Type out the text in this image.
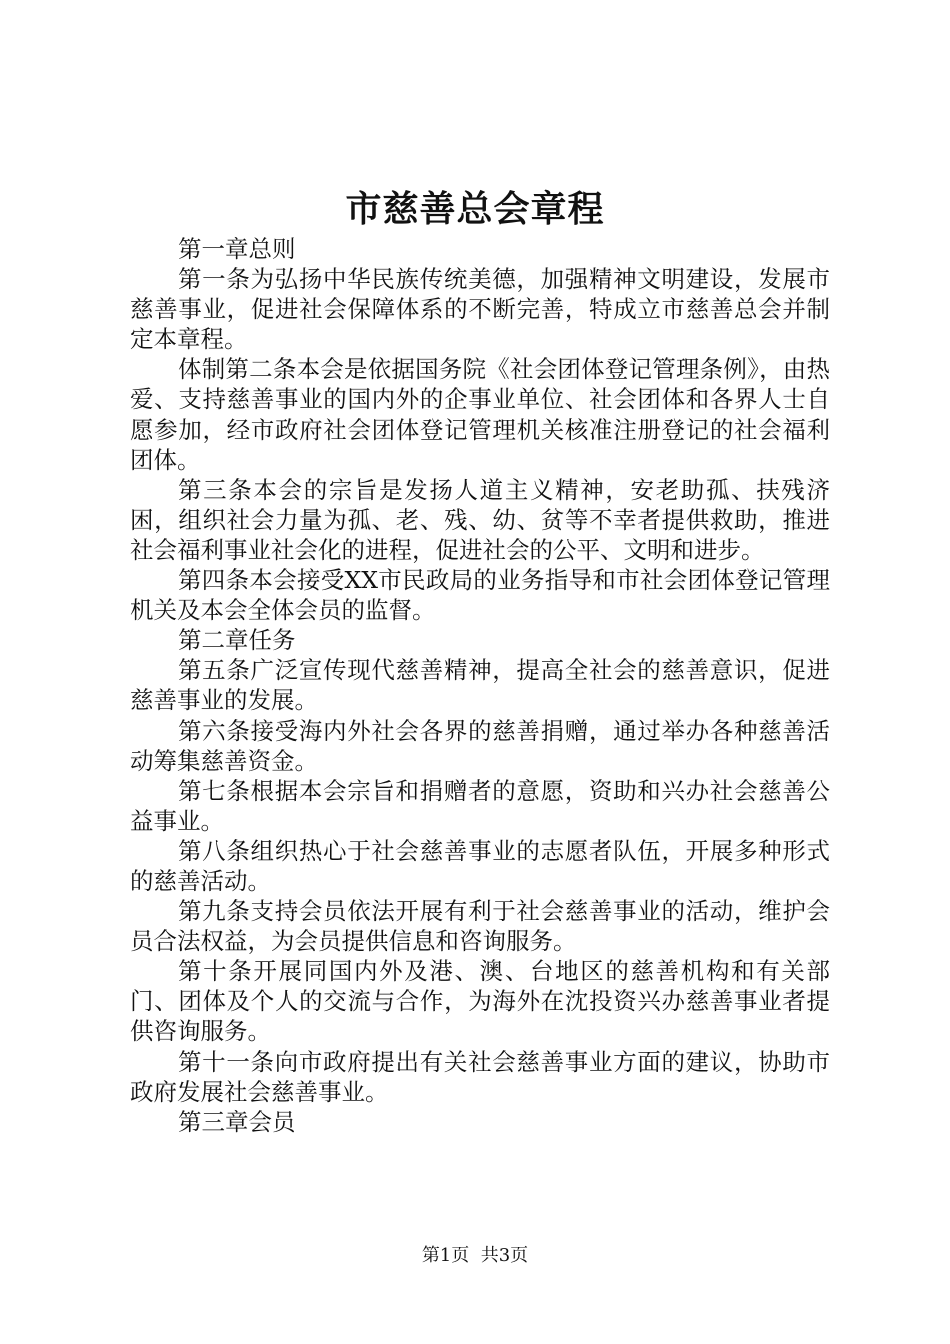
市慈善总会章程

第一章总则

第一条为弘扬中华民族传统美德，加强精神文明建设，发展市慈善事业，促进社会保障体系的不断完善，特成立市慈善总会并制定本章程。

体制第二条本会是依据国务院《社会团体登记管理条例》，由热爱、支持慈善事业的国内外的企事业单位、社会团体和各界人士自愿参加，经市政府社会团体登记管理机关核准注册登记的社会福利团体。

第三条本会的宗旨是发扬人道主义精神，安老助孤、扶残济困，组织社会力量为孤、老、残、幼、贫等不幸者提供救助，推进社会福利事业社会化的进程，促进社会的公平、文明和进步。

第四条本会接受XX市民政局的业务指导和市社会团体登记管理机关及本会全体会员的监督。

第二章任务

第五条广泛宣传现代慈善精神，提高全社会的慈善意识，促进慈善事业的发展。

第六条接受海内外社会各界的慈善捐赠，通过举办各种慈善活动筹集慈善资金。

第七条根据本会宗旨和捐赠者的意愿，资助和兴办社会慈善公益事业。

第八条组织热心于社会慈善事业的志愿者队伍，开展多种形式的慈善活动。

第九条支持会员依法开展有利于社会慈善事业的活动，维护会员合法权益，为会员提供信息和咨询服务。

第十条开展同国内外及港、澳、台地区的慈善机构和有关部门、团体及个人的交流与合作，为海外在沈投资兴办慈善事业者提供咨询服务。

第十一条向市政府提出有关社会慈善事业方面的建议，协助市政府发展社会慈善事业。

第三章会员

第1页 共3页
